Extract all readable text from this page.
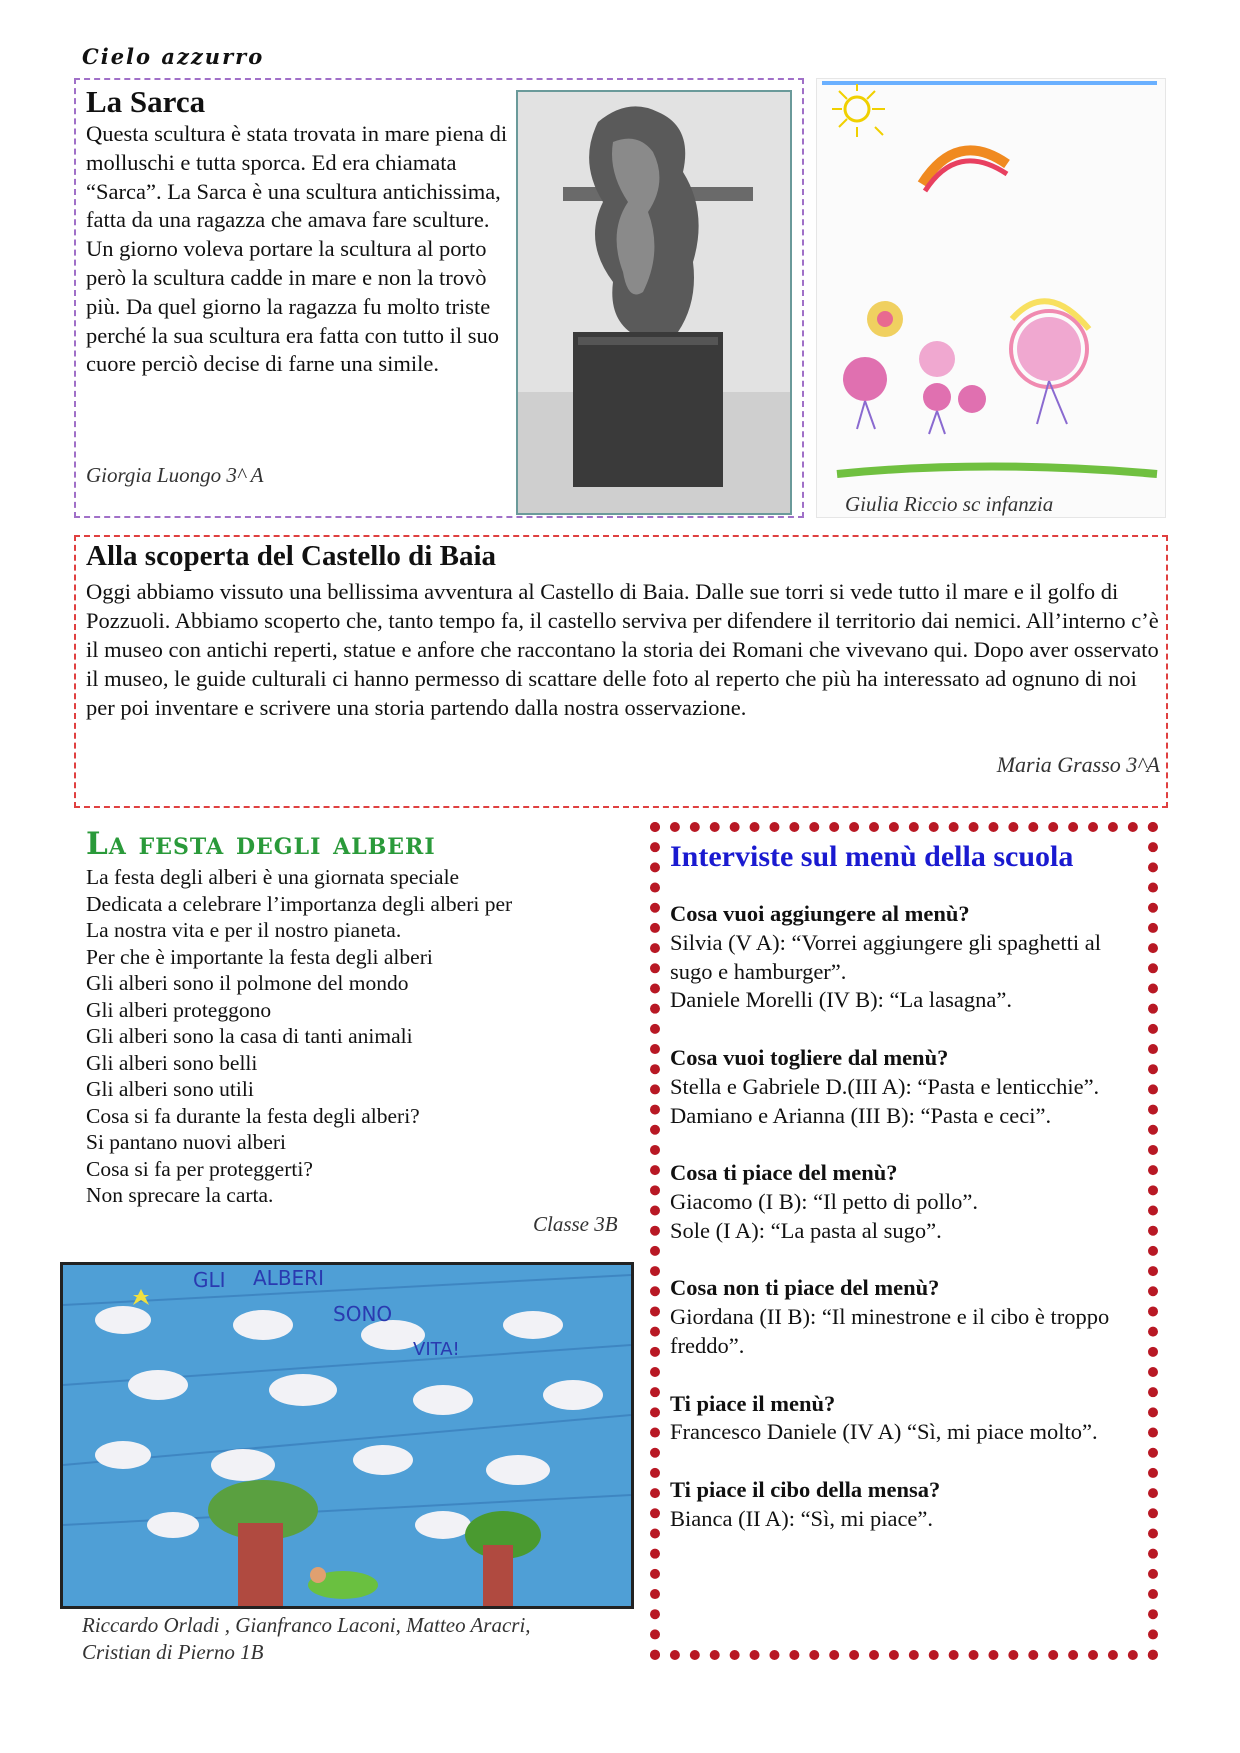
Cielo azzurro
La Sarca
Questa scultura è stata trovata in mare piena di molluschi e tutta sporca. Ed era chiamata “Sarca”. La Sarca è una scultura antichissima, fatta da una ragazza che amava fare sculture. Un giorno voleva portare la scultura al porto però la scultura cadde in mare e non la trovò più. Da quel giorno la ragazza fu molto triste perché la sua scultura era fatta con tutto il suo cuore perciò decise di farne una simile.
Giorgia Luongo 3^ A
Giulia Riccio sc infanzia
Alla scoperta del Castello di Baia
Oggi abbiamo vissuto una bellissima avventura al Castello di Baia. Dalle sue torri si vede tutto il mare e il golfo di Pozzuoli. Abbiamo scoperto che, tanto tempo fa, il castello serviva per difendere il territorio dai nemici. All’interno c’è il museo con antichi reperti, statue e anfore che raccontano la storia dei Romani che vivevano qui. Dopo aver osservato il museo, le guide culturali ci hanno permesso di scattare delle foto al reperto che più ha interessato ad ognuno di noi per poi inventare e scrivere una storia partendo dalla nostra osservazione.
Maria Grasso 3^A
La festa degli alberi
La festa degli alberi è una giornata speciale
Dedicata a celebrare l’importanza degli alberi per
La nostra vita e per il nostro pianeta.
Per che è importante la festa degli alberi
Gli alberi sono il polmone del mondo
Gli alberi proteggono
Gli alberi sono la casa di tanti animali
Gli alberi sono belli
Gli alberi sono utili
Cosa si fa durante la festa degli alberi?
Si pantano nuovi alberi
Cosa si fa per proteggerti?
Non sprecare la carta.
Classe 3B
GLI ALBERI
SONO
VITA!
Riccardo Orladi , Gianfranco Laconi, Matteo Aracri, Cristian di Pierno 1B
Interviste sul menù della scuola
Cosa vuoi aggiungere al menù?
Silvia (V A): “Vorrei aggiungere gli spaghetti al sugo e hamburger”.
Daniele Morelli (IV B): “La lasagna”.
Cosa vuoi togliere dal menù?
Stella e Gabriele D.(III A): “Pasta e lenticchie”.
Damiano e Arianna (III B): “Pasta e ceci”.
Cosa ti piace del menù?
Giacomo (I B): “Il petto di pollo”.
Sole (I A): “La pasta al sugo”.
Cosa non ti piace del menù?
Giordana (II B): “Il minestrone e il cibo è troppo freddo”.
Ti piace il menù?
Francesco Daniele (IV A) “Sì, mi piace molto”.
Ti piace il cibo della mensa?
Bianca (II A): “Sì, mi piace”.
